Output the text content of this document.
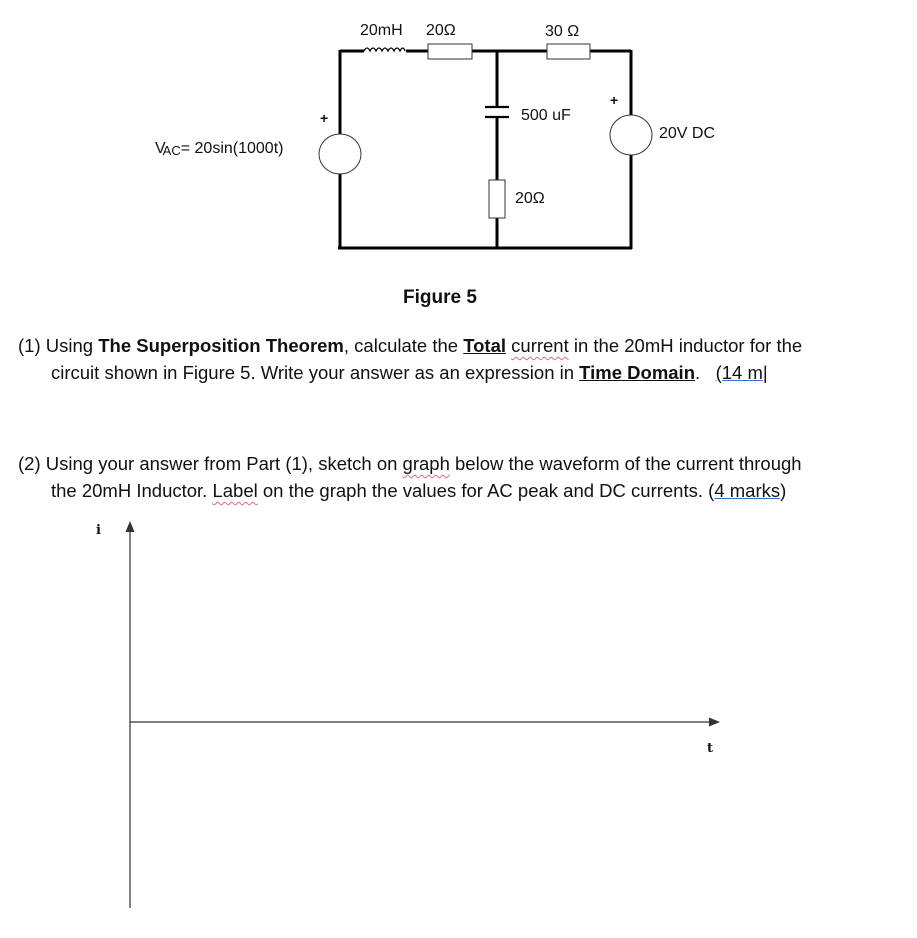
20mH 20Ω	30 Ω
500 uF
20Ω
+
+
$V_{AC}= 20\sin(1000t)$
20V DC
Figure 5
(1) Using The Superposition Theorem, calculate the Total current in the 20mH inductor for the
circuit shown in Figure 5. Write your answer as an expression in Time Domain. (14 m|
(2) Using your answer from Part (1), sketch on graph below the waveform of the current through
the 20mH Inductor. Label on the graph the values for AC peak and DC currents. (4 marks)
i
t
